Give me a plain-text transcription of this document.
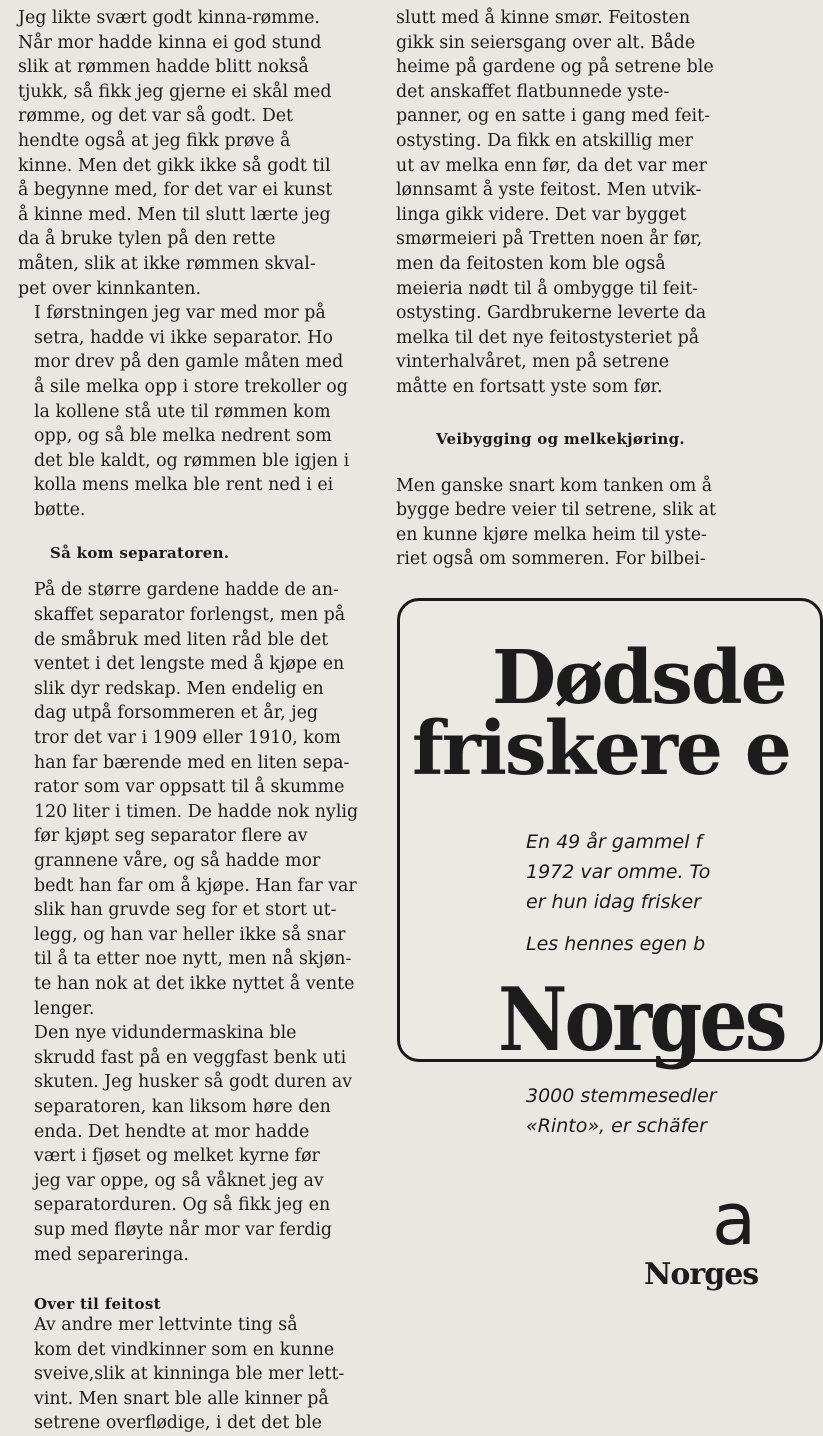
Jeg likte svært godt kinna-rømme.
Når mor hadde kinna ei god stund
slik at rømmen hadde blitt nokså
tjukk, så fikk jeg gjerne ei skål med
rømme, og det var så godt. Det
hendte også at jeg fikk prøve å
kinne. Men det gikk ikke så godt til
å begynne med, for det var ei kunst
å kinne med. Men til slutt lærte jeg
da å bruke tylen på den rette
måten, slik at ikke rømmen skval-
pet over kinnkanten.

I førstningen jeg var med mor på
setra, hadde vi ikke separator. Ho
mor drev på den gamle måten med
å sile melka opp i store trekoller og
la kollene stå ute til rømmen kom
opp, og så ble melka nedrent som
det ble kaldt, og rømmen ble igjen i
kolla mens melka ble rent ned i ei
bøtte.

Så kom separatoren.

På de større gardene hadde de an-
skaffet separator forlengst, men på
de småbruk med liten råd ble det
ventet i det lengste med å kjøpe en
slik dyr redskap. Men endelig en
dag utpå forsommeren et år, jeg
tror det var i 1909 eller 1910, kom
han far bærende med en liten sepa-
rator som var oppsatt til å skumme
120 liter i timen. De hadde nok nylig
før kjøpt seg separator flere av
grannene våre, og så hadde mor
bedt han far om å kjøpe. Han far var
slik han gruvde seg for et stort ut-
legg, og han var heller ikke så snar
til å ta etter noe nytt, men nå skjøn-
te han nok at det ikke nyttet å vente
lenger.

Den nye vidundermaskina ble
skrudd fast på en veggfast benk uti
skuten. Jeg husker så godt duren av
separatoren, kan liksom høre den
enda. Det hendte at mor hadde
vært i fjøset og melket kyrne før
jeg var oppe, og så våknet jeg av
separatorduren. Og så fikk jeg en
sup med fløyte når mor var ferdig
med separeringa.

Over til feitost

Av andre mer lettvinte ting så
kom det vindkinner som en kunne
sveive,slik at kinninga ble mer lett-
vint. Men snart ble alle kinner på
setrene overflødige, i det det ble

slutt med å kinne smør. Feitosten
gikk sin seiersgang over alt. Både
heime på gardene og på setrene ble
det anskaffet flatbunnede yste-
panner, og en satte i gang med feit-
ostysting. Da fikk en atskillig mer
ut av melka enn før, da det var mer
lønnsamt å yste feitost. Men utvik-
linga gikk videre. Det var bygget
smørmeieri på Tretten noen år før,
men da feitosten kom ble også
meieria nødt til å ombygge til feit-
ostysting. Gardbrukerne leverte da
melka til det nye feitostysteriet på
vinterhalvåret, men på setrene
måtte en fortsatt yste som før.

Veibygging og melkekjøring.

Men ganske snart kom tanken om å
bygge bedre veier til setrene, slik at
en kunne kjøre melka heim til yste-
riet også om sommeren. For bilbei-

Dødsde

friskere e

En 49 år gammel f
1972 var omme. To
er hun idag frisker
Les hennes egen b

Norges

3000 stemmesedler
«Rinto», er schäfer
a
Norges
